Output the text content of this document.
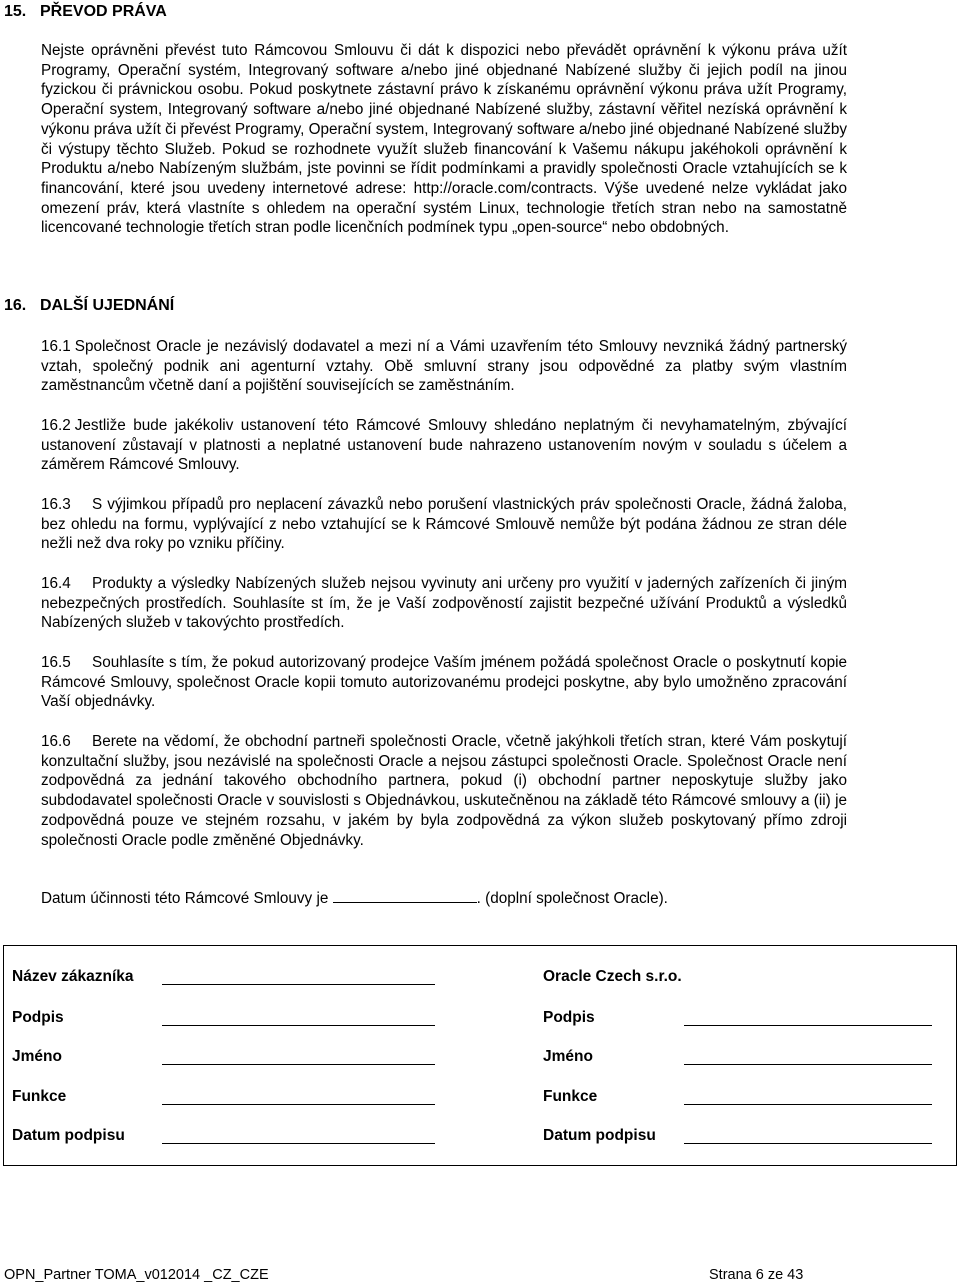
15. PŘEVOD PRÁVA

Nejste oprávněni převést tuto Rámcovou Smlouvu či dát k dispozici nebo převádět oprávnění k výkonu práva užít Programy, Operační systém, Integrovaný software a/nebo jiné objednané Nabízené služby či jejich podíl na jinou fyzickou či právnickou osobu. Pokud poskytnete zástavní právo k získanému oprávnění výkonu práva užít Programy, Operační system, Integrovaný software a/nebo jiné objednané Nabízené služby, zástavní věřitel nezíská oprávnění k výkonu práva užít či převést Programy, Operační system, Integrovaný software a/nebo jiné objednané Nabízené služby či výstupy těchto Služeb. Pokud se rozhodnete využít služeb financování k Vašemu nákupu jakéhokoli oprávnění k Produktu a/nebo Nabízeným službám, jste povinni se řídit podmínkami a pravidly společnosti Oracle vztahujících se k financování, které jsou uvedeny internetové adrese: http://oracle.com/contracts. Výše uvedené nelze vykládat jako omezení práv, která vlastníte s ohledem na operační systém Linux, technologie třetích stran nebo na samostatně licencované technologie třetích stran podle licenčních podmínek typu „open-source“ nebo obdobných.

16. DALŠÍ UJEDNÁNÍ

16.1 Společnost Oracle je nezávislý dodavatel a mezi ní a Vámi uzavřením této Smlouvy nevzniká žádný partnerský vztah, společný podnik ani agenturní vztahy. Obě smluvní strany jsou odpovědné za platby svým vlastním zaměstnancům včetně daní a pojištění souvisejících se zaměstnáním.

16.2 Jestliže bude jakékoliv ustanovení této Rámcové Smlouvy shledáno neplatným či nevyhamatelným, zbývající ustanovení zůstavají v platnosti a neplatné ustanovení bude nahrazeno ustanovením novým v souladu s účelem a záměrem Rámcové Smlouvy.

16.3 S výjimkou případů pro neplacení závazků nebo porušení vlastnických práv společnosti Oracle, žádná žaloba, bez ohledu na formu, vyplývající z nebo vztahující se k Rámcové Smlouvě nemůže být podána žádnou ze stran déle nežli než dva roky po vzniku příčiny.

16.4 Produkty a výsledky Nabízených služeb nejsou vyvinuty ani určeny pro využití v jaderných zařízeních či jiným nebezpečných prostředích. Souhlasíte st ím, že je Vaší zodpověností zajistit bezpečné užívání Produktů a výsledků Nabízených služeb v takovýchto prostředích.

16.5 Souhlasíte s tím, že pokud autorizovaný prodejce Vaším jménem požádá společnost Oracle o poskytnutí kopie Rámcové Smlouvy, společnost Oracle kopii tomuto autorizovanému prodejci poskytne, aby bylo umožněno zpracování Vaší objednávky.

16.6 Berete na vědomí, že obchodní partneři společnosti Oracle, včetně jakýhkoli třetích stran, které Vám poskytují konzultační služby, jsou nezávislé na společnosti Oracle a nejsou zástupci společnosti Oracle. Společnost Oracle není zodpovědná za jednání takového obchodního partnera, pokud (i) obchodní partner neposkytuje služby jako subdodavatel společnosti Oracle v souvislosti s Objednávkou, uskutečněnou na základě této Rámcové smlouvy a (ii) je zodpovědná pouze ve stejném rozsahu, v jakém by byla zodpovědná za výkon služeb poskytovaný přímo zdroji společnosti Oracle podle změněné Objednávky.

Datum účinnosti této Rámcové Smlouvy je	. (doplní společnost Oracle).

Název zákazníka	Oracle Czech s.r.o.
Podpis	Podpis
Jméno	Jméno
Funkce	Funkce
Datum podpisu	Datum podpisu
OPN_Partner TOMA_v012014 _CZ_CZE	Strana 6 ze 43
